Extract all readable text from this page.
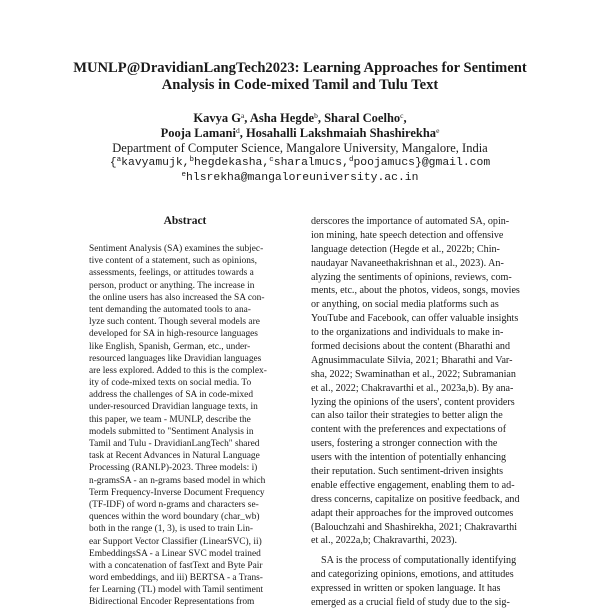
MUNLP@DravidianLangTech2023: Learning Approaches for Sentiment
Analysis in Code-mixed Tamil and Tulu Text
Kavya $G^a$, Asha Hegde$^b$, Sharal Coelho$^c$,
Pooja Lamani$^d$, Hosahalli Lakshmaiah Shashirekha$^e$
Department of Computer Science, Mangalore University, Mangalore, India
{$^a$kavyamujk,$^b$hegdekasha,$^c$sharalmucs,$^d$poojamucs}@gmail.com
$^e$hlsrekha@mangaloreuniversity.ac.in
Abstract
Sentiment Analysis (SA) examines the subjec-
tive content of a statement, such as opinions,
assessments, feelings, or attitudes towards a
person, product or anything. The increase in
the online users has also increased the SA con-
tent demanding the automated tools to ana-
lyze such content. Though several models are
developed for SA in high-resource languages
like English, Spanish, German, etc., under-
resourced languages like Dravidian languages
are less explored. Added to this is the complex-
ity of code-mixed texts on social media. To
address the challenges of SA in code-mixed
under-resourced Dravidian language texts, in
this paper, we team - MUNLP, describe the
models submitted to "Sentiment Analysis in
Tamil and Tulu - DravidianLangTech" shared
task at Recent Advances in Natural Language
Processing (RANLP)-2023. Three models: i)
n-gramsSA - an n-grams based model in which
Term Frequency-Inverse Document Frequency
(TF-IDF) of word n-grams and characters se-
quences within the word boundary (char_wb)
both in the range (1, 3), is used to train Lin-
ear Support Vector Classifier (LinearSVC), ii)
EmbeddingsSA - a Linear SVC model trained
with a concatenation of fastText and Byte Pair
word embeddings, and iii) BERTSA - a Trans-
fer Learning (TL) model with Tamil sentiment
Bidirectional Encoder Representations from
derscores the importance of automated SA, opin-
ion mining, hate speech detection and offensive
language detection (Hegde et al., 2022b; Chin-
naudayar Navaneethakrishnan et al., 2023). An-
alyzing the sentiments of opinions, reviews, com-
ments, etc., about the photos, videos, songs, movies
or anything, on social media platforms such as
YouTube and Facebook, can offer valuable insights
to the organizations and individuals to make in-
formed decisions about the content (Bharathi and
Agnusimmaculate Silvia, 2021; Bharathi and Var-
sha, 2022; Swaminathan et al., 2022; Subramanian
et al., 2022; Chakravarthi et al., 2023a,b). By ana-
lyzing the opinions of the users', content providers
can also tailor their strategies to better align the
content with the preferences and expectations of
users, fostering a stronger connection with the
users with the intention of potentially enhancing
their reputation. Such sentiment-driven insights
enable effective engagement, enabling them to ad-
dress concerns, capitalize on positive feedback, and
adapt their approaches for the improved outcomes
(Balouchzahi and Shashirekha, 2021; Chakravarthi
et al., 2022a,b; Chakravarthi, 2023).
SA is the process of computationally identifying
and categorizing opinions, emotions, and attitudes
expressed in written or spoken language. It has
emerged as a crucial field of study due to the sig-
